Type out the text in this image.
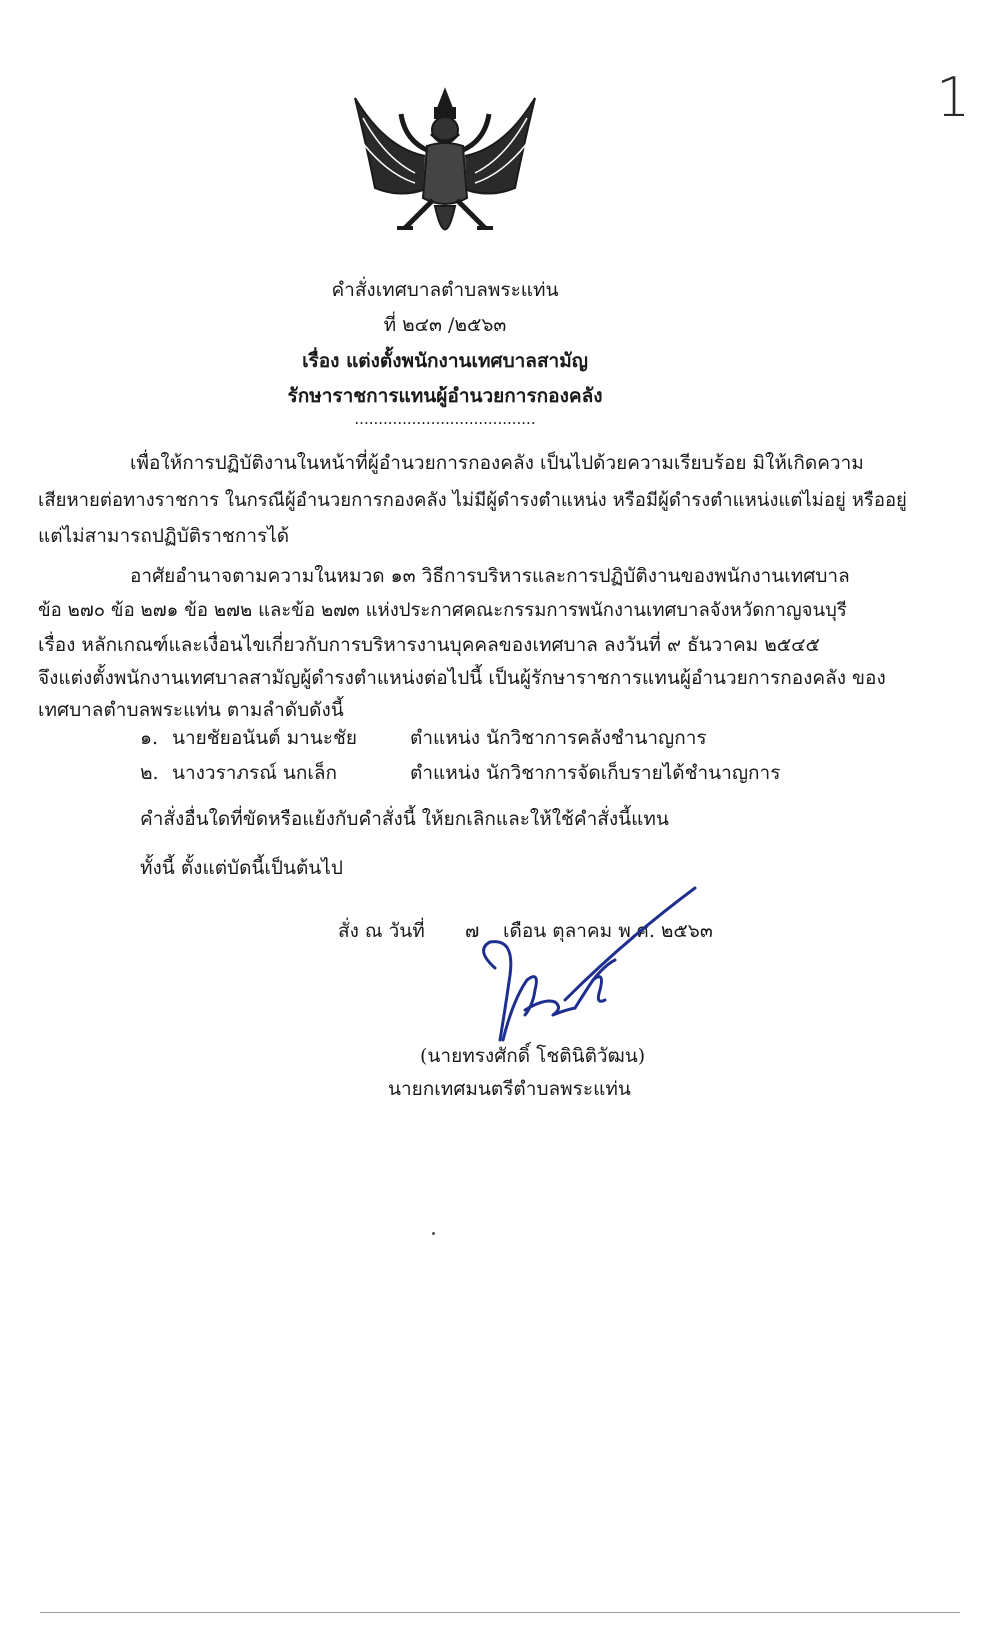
1
คำสั่งเทศบาลตำบลพระแท่น
ที่ ๒๔๓ /๒๕๖๓
เรื่อง แต่งตั้งพนักงานเทศบาลสามัญ
รักษาราชการแทนผู้อำนวยการกองคลัง
......................................
เพื่อให้การปฏิบัติงานในหน้าที่ผู้อำนวยการกองคลัง เป็นไปด้วยความเรียบร้อย มิให้เกิดความ
เสียหายต่อทางราชการ ในกรณีผู้อำนวยการกองคลัง ไม่มีผู้ดำรงตำแหน่ง หรือมีผู้ดำรงตำแหน่งแต่ไม่อยู่ หรืออยู่
แต่ไม่สามารถปฏิบัติราชการได้
อาศัยอำนาจตามความในหมวด ๑๓ วิธีการบริหารและการปฏิบัติงานของพนักงานเทศบาล
ข้อ ๒๗๐ ข้อ ๒๗๑ ข้อ ๒๗๒ และข้อ ๒๗๓ แห่งประกาศคณะกรรมการพนักงานเทศบาลจังหวัดกาญจนบุรี
เรื่อง หลักเกณฑ์และเงื่อนไขเกี่ยวกับการบริหารงานบุคคลของเทศบาล ลงวันที่ ๙ ธันวาคม ๒๕๔๕
จึงแต่งตั้งพนักงานเทศบาลสามัญผู้ดำรงตำแหน่งต่อไปนี้ เป็นผู้รักษาราชการแทนผู้อำนวยการกองคลัง ของ
เทศบาลตำบลพระแท่น ตามลำดับดังนี้
๑. นายชัยอนันต์ มานะชัย	ตำแหน่ง นักวิชาการคลังชำนาญการ
๒. นางวราภรณ์ นกเล็ก	ตำแหน่ง นักวิชาการจัดเก็บรายได้ชำนาญการ
คำสั่งอื่นใดที่ขัดหรือแย้งกับคำสั่งนี้ ให้ยกเลิกและให้ใช้คำสั่งนี้แทน
ทั้งนี้ ตั้งแต่บัดนี้เป็นต้นไป
สั่ง ณ วันที่ ๗ เดือน ตุลาคม พ.ศ. ๒๕๖๓
(นายทรงศักดิ์ โชตินิติวัฒน)
นายกเทศมนตรีตำบลพระแท่น
